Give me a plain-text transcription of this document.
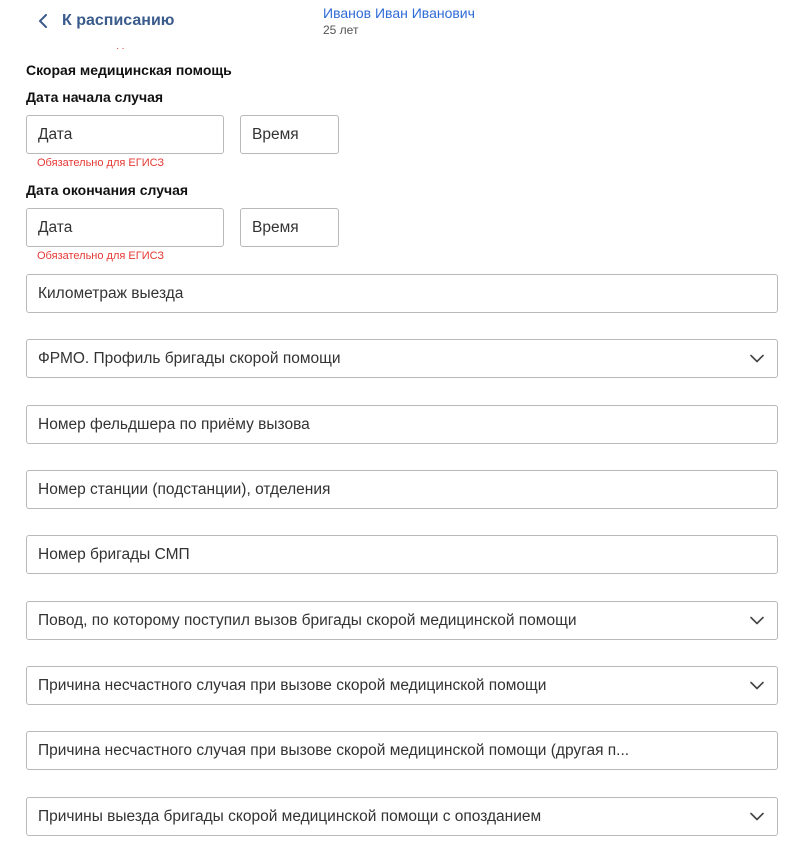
К расписанию	Иванов Иван Иванович
25 лет
··
Скорая медицинская помощь
Дата начала случая
Дата	Время
Обязательно для ЕГИСЗ
Дата окончания случая
Дата	Время
Обязательно для ЕГИСЗ
Километраж выезда
ФРМО. Профиль бригады скорой помощи
Номер фельдшера по приёму вызова
Номер станции (подстанции), отделения
Номер бригады СМП
Повод, по которому поступил вызов бригады скорой медицинской помощи
Причина несчастного случая при вызове скорой медицинской помощи
Причина несчастного случая при вызове скорой медицинской помощи (другая п...
Причины выезда бригады скорой медицинской помощи с опозданием
